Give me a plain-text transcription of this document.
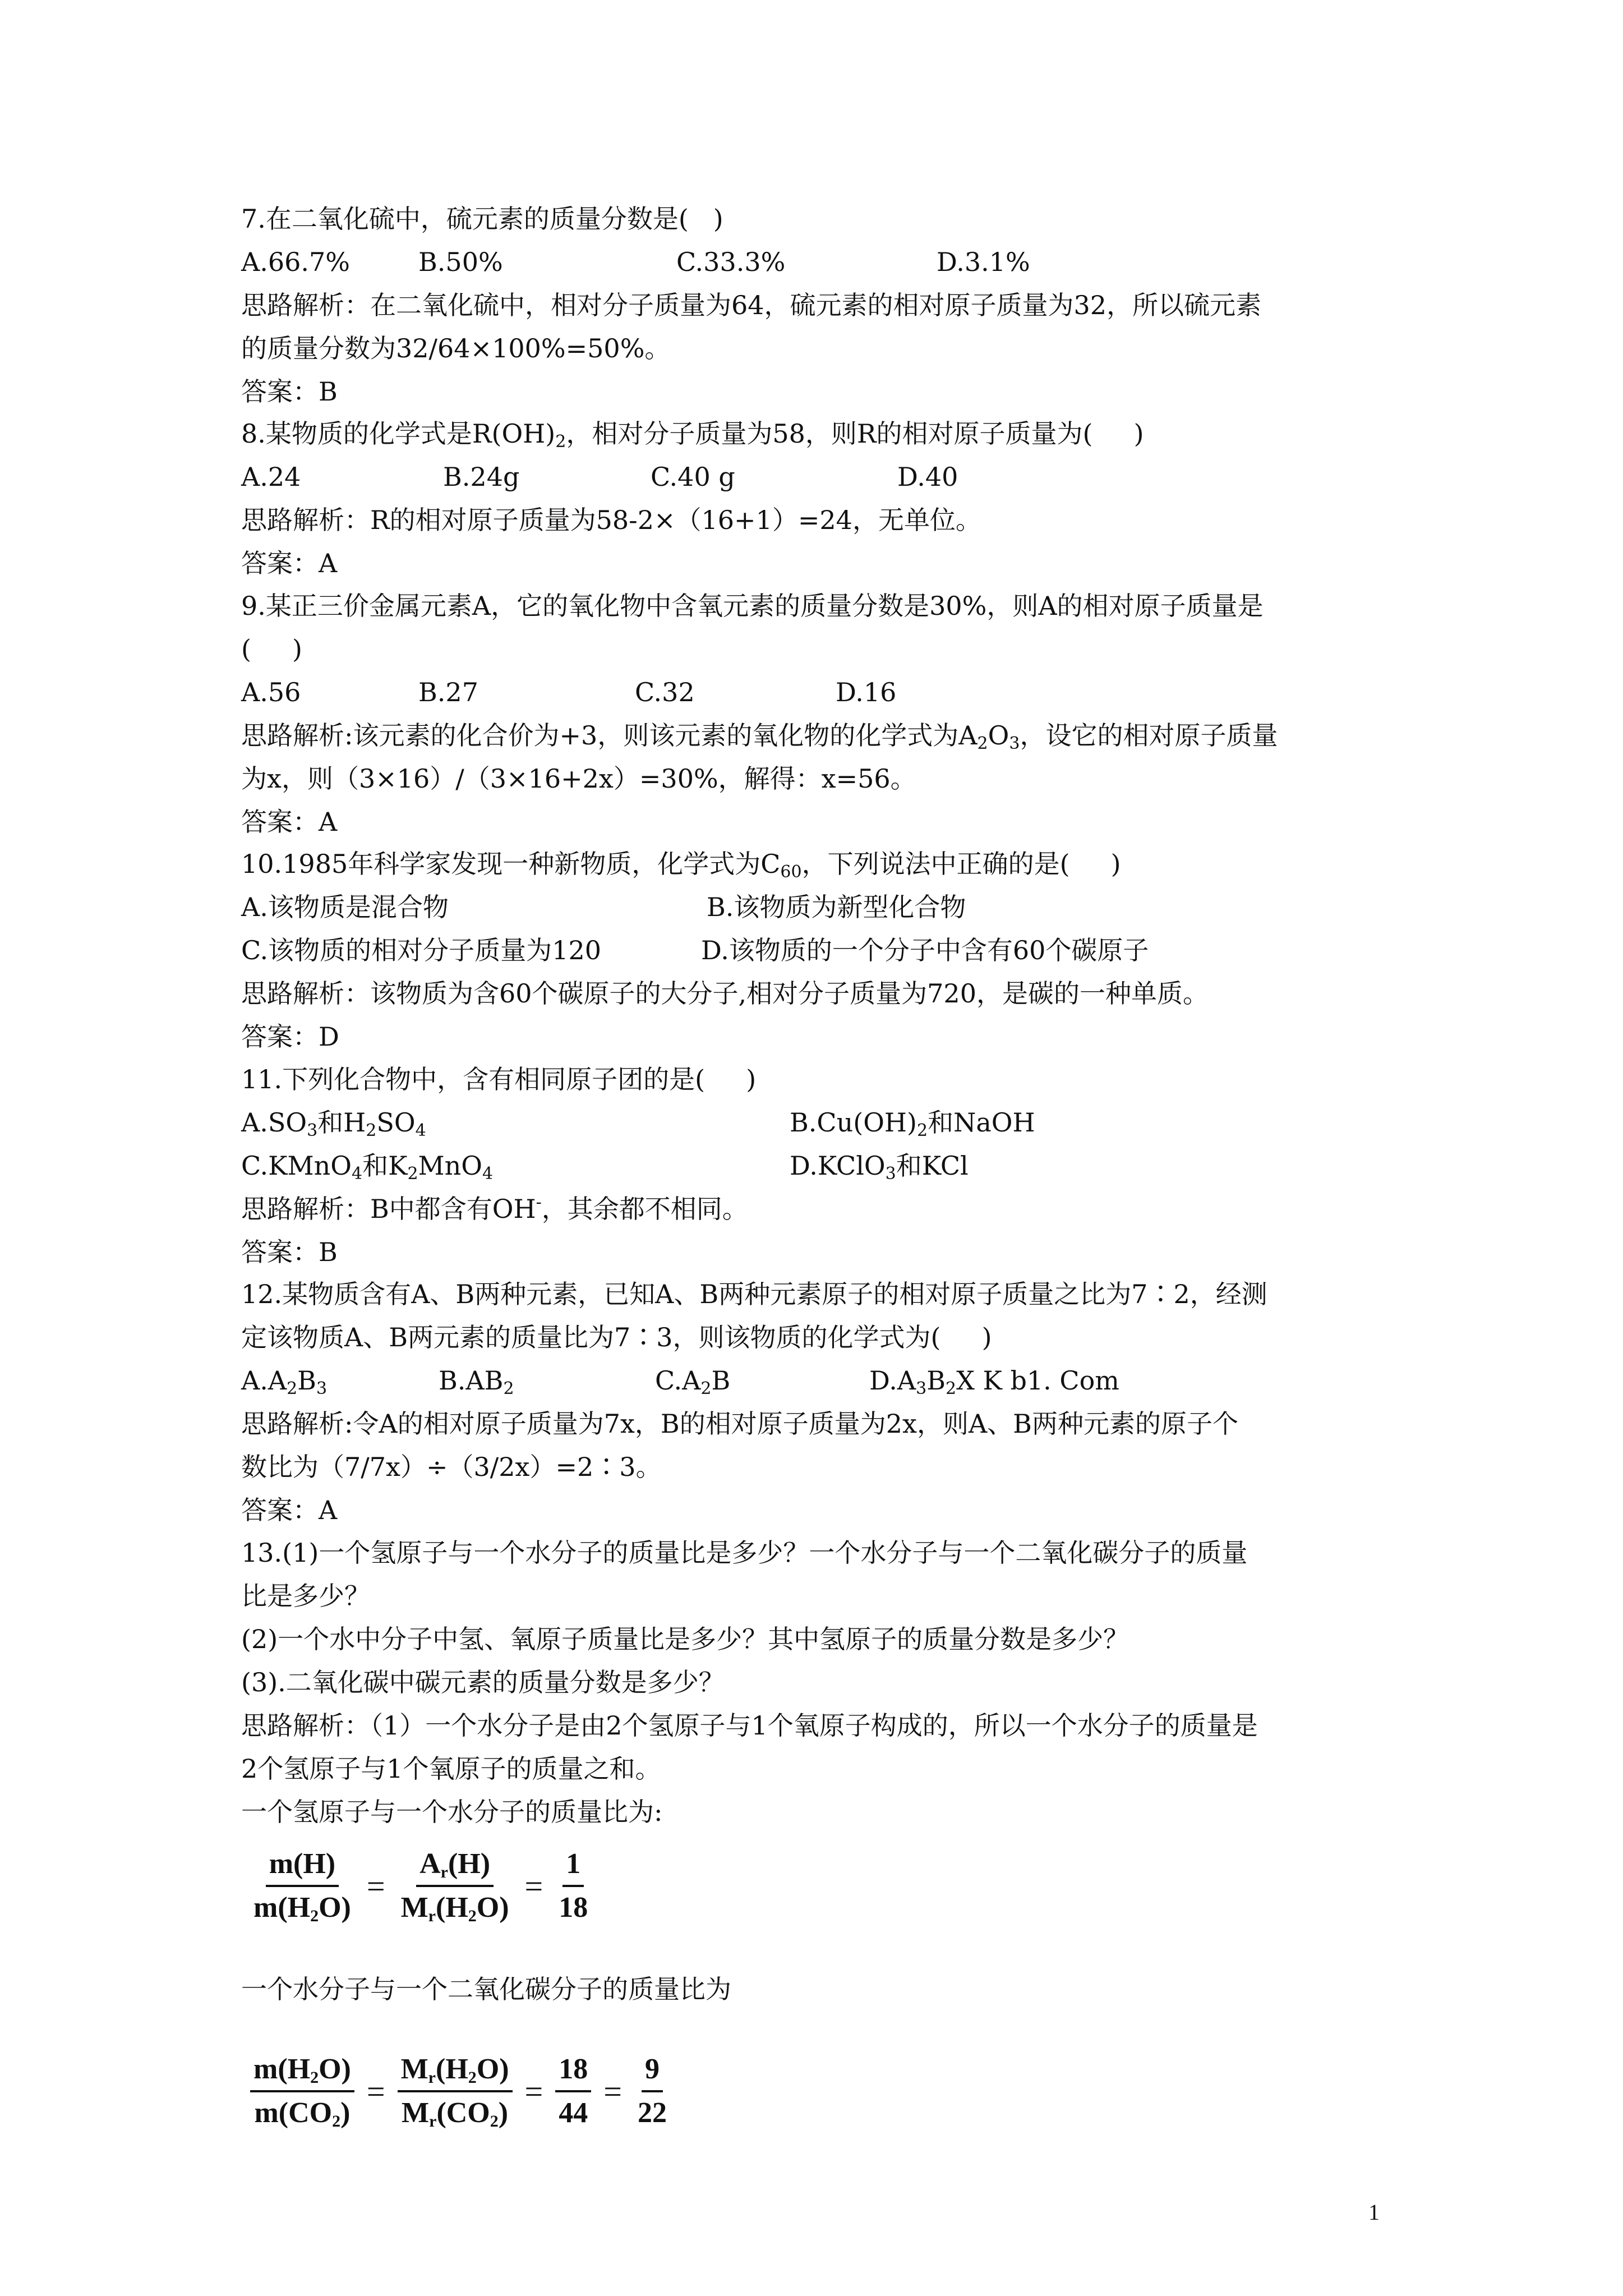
7.在二氧化硫中，硫元素的质量分数是(   )
A.66.7%	B.50%	C.33.3%	D.3.1%
思路解析：在二氧化硫中，相对分子质量为64，硫元素的相对原子质量为32，所以硫元素
的质量分数为32/64×100%=50%。
答案：B
8.某物质的化学式是$R(OH)_2$，相对分子质量为58，则R的相对原子质量为(     )
A.24	B.24g	C.40 g	D.40
思路解析：R的相对原子质量为58-2×（16+1）=24，无单位。
答案：A
9.某正三价金属元素A，它的氧化物中含氧元素的质量分数是30%，则A的相对原子质量是
(     )
A.56	B.27	C.32	D.16
思路解析:该元素的化合价为+3，则该元素的氧化物的化学式为$A_2O_3$，设它的相对原子质量
为x，则（3×16）/（3×16+2x）=30%，解得：x=56。
答案：A
10.1985年科学家发现一种新物质，化学式为$C_{60}$，下列说法中正确的是(     )
A.该物质是混合物	B.该物质为新型化合物
C.该物质的相对分子质量为120	D.该物质的一个分子中含有60个碳原子
思路解析：该物质为含60个碳原子的大分子,相对分子质量为720，是碳的一种单质。
答案：D
11.下列化合物中，含有相同原子团的是(     )
$A.SO_3$和$H_2SO_4$	$B.Cu(OH)_2$和NaOH
C.KMnO$_4$和$K_2MnO_4$	D.KClO$_3$和KCl
思路解析：B中都含有OH-，其余都不相同。
答案：B
12.某物质含有A、B两种元素，已知A、B两种元素原子的相对原子质量之比为7∶2，经测
定该物质A、B两元素的质量比为7∶3，则该物质的化学式为(     )
$A.A_2B_3$	$B.AB_2$	$C.A_2B$	$D.A_3B_2X$ K b1. Com
思路解析:令A的相对原子质量为7x，B的相对原子质量为2x，则A、B两种元素的原子个
数比为（7/7x）÷（3/2x）=2∶3。
答案：A
13.(1)一个氢原子与一个水分子的质量比是多少？一个水分子与一个二氧化碳分子的质量
比是多少？
(2)一个水中分子中氢、氧原子质量比是多少？其中氢原子的质量分数是多少？
(3).二氧化碳中碳元素的质量分数是多少？
思路解析：（1）一个水分子是由2个氢原子与1个氧原子构成的，所以一个水分子的质量是
2个氢原子与1个氧原子的质量之和。
一个氢原子与一个水分子的质量比为:
$\frac{m(H)}{m(H_2O)} = \frac{A_r(H)}{M_r(H_2O)} = \frac{1}{18}$
一个水分子与一个二氧化碳分子的质量比为
$\frac{m(H_2O)}{m(CO_2)} = \frac{M_r(H_2O)}{M_r(CO_2)} = \frac{18}{44} = \frac{9}{22}$
1
